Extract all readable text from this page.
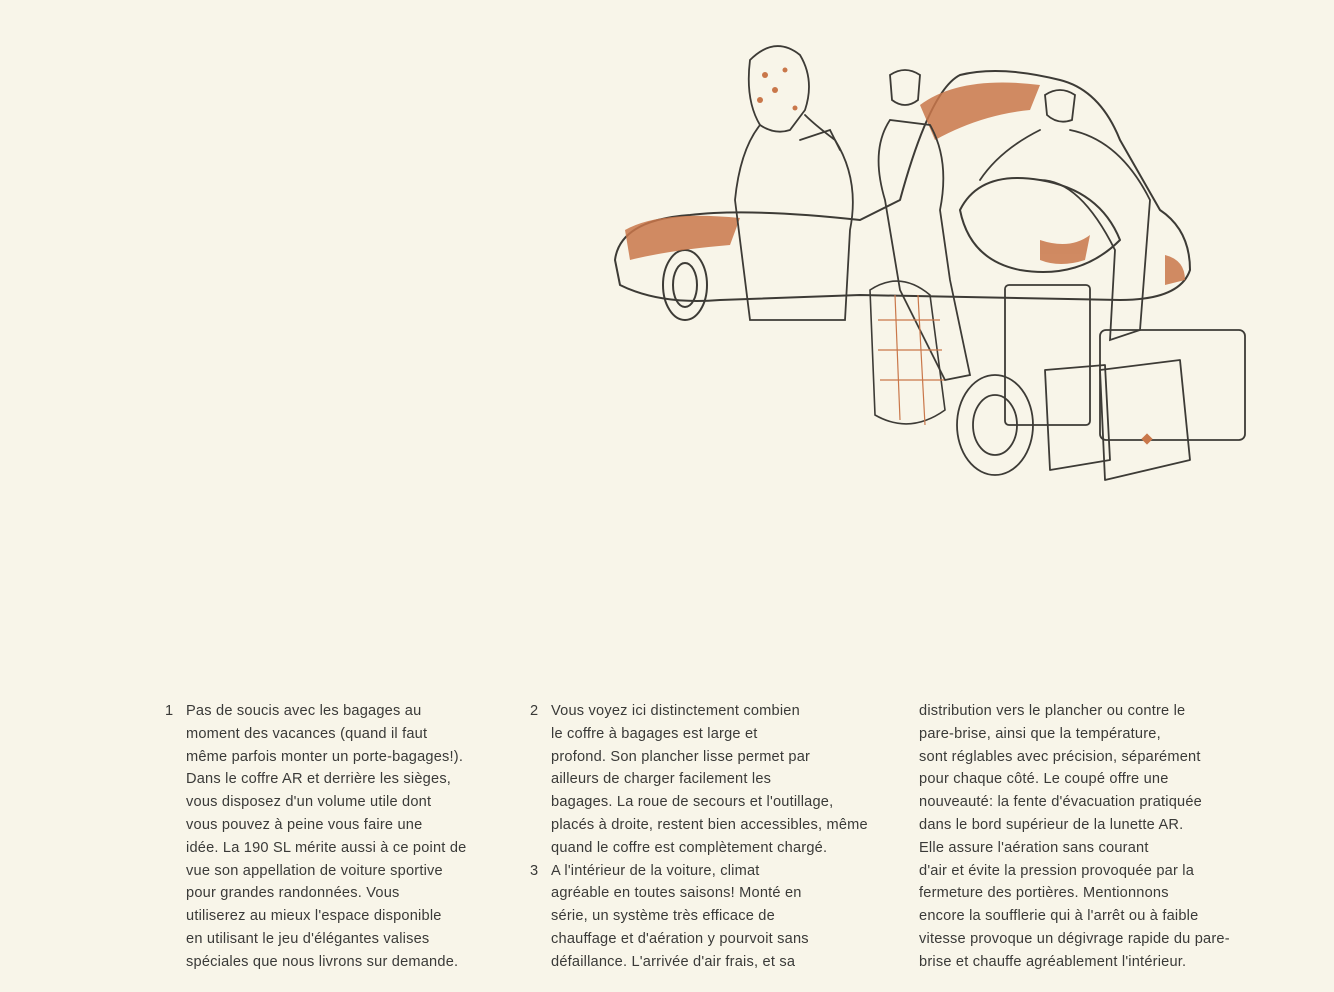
1 Pas de soucis avec les bagages au
moment des vacances (quand il faut
même parfois monter un porte-bagages!).
Dans le coffre AR et derrière les sièges,
vous disposez d'un volume utile dont
vous pouvez à peine vous faire une
idée. La 190 SL mérite aussi à ce point de
vue son appellation de voiture sportive
pour grandes randonnées. Vous
utiliserez au mieux l'espace disponible
en utilisant le jeu d'élégantes valises
spéciales que nous livrons sur demande.

2 Vous voyez ici distinctement combien
le coffre à bagages est large et
profond. Son plancher lisse permet par
ailleurs de charger facilement les
bagages. La roue de secours et l'outillage,
placés à droite, restent bien accessibles, même
quand le coffre est complètement chargé.

3 A l'intérieur de la voiture, climat
agréable en toutes saisons! Monté en
série, un système très efficace de
chauffage et d'aération y pourvoit sans
défaillance. L'arrivée d'air frais, et sa

distribution vers le plancher ou contre le
pare-brise, ainsi que la température,
sont réglables avec précision, séparément
pour chaque côté. Le coupé offre une
nouveauté: la fente d'évacuation pratiquée
dans le bord supérieur de la lunette AR.
Elle assure l'aération sans courant
d'air et évite la pression provoquée par la
fermeture des portières. Mentionnons
encore la soufflerie qui à l'arrêt ou à faible
vitesse provoque un dégivrage rapide du pare-
brise et chauffe agréablement l'intérieur.
